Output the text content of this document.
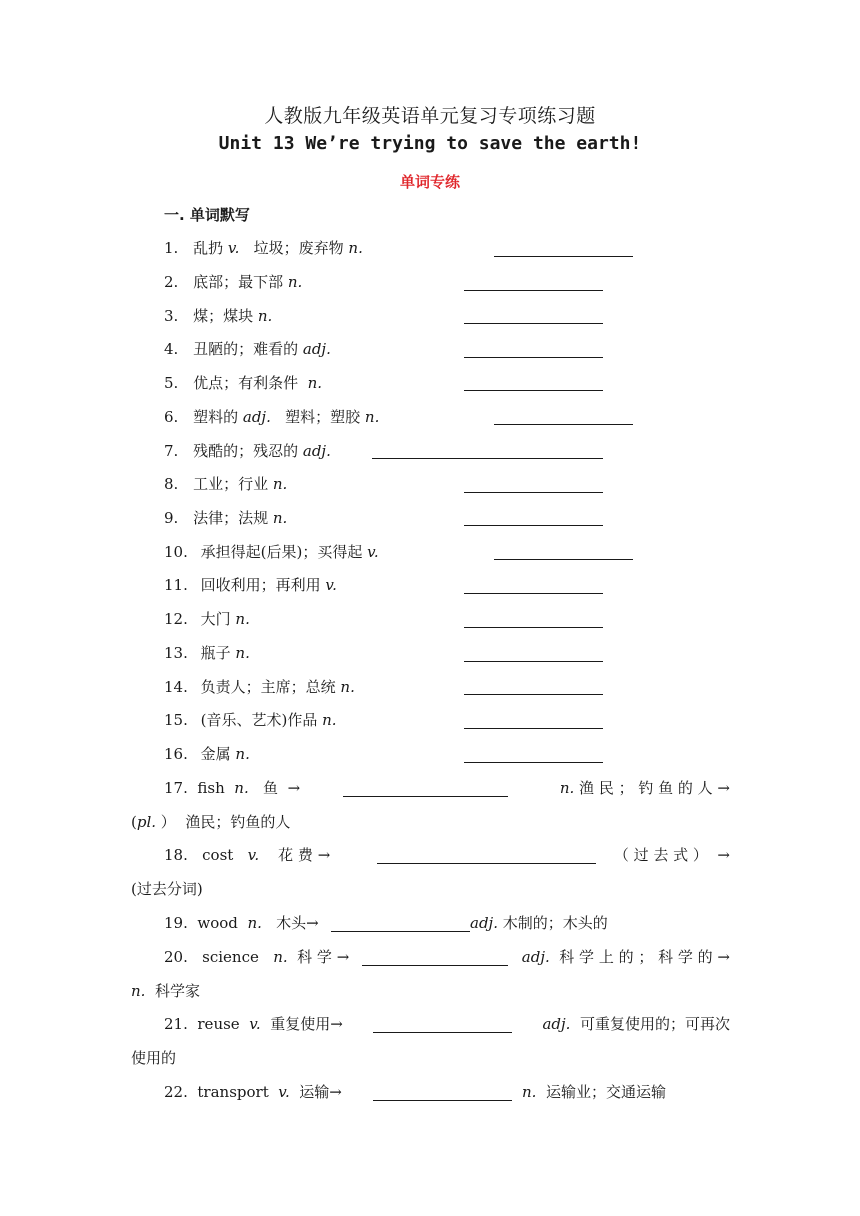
人教版九年级英语单元复习专项练习题
Unit 13 We’re trying to save the earth!
单词专练
一. 单词默写
1. 乱扔 v.   垃圾；废弃物 n.
2. 底部；最下部 n.
3. 煤；煤块 n.
4. 丑陋的；难看的 adj.
5. 优点；有利条件  n.
6. 塑料的 adj.   塑料；塑胶 n.
7. 残酷的；残忍的 adj.
8. 工业；行业 n.
9. 法律；法规 n.
10. 承担得起(后果)；买得起 v.
11. 回收利用；再利用 v.
12. 大门 n.
13. 瓶子 n.
14. 负责人；主席；总统 n.
15. (音乐、艺术)作品 n.
16. 金属 n.
17.  fish  n.   鱼  →	n. 渔 民 ； 钓 鱼 的 人 →
(pl. ）  渔民；钓鱼的人
18.   cost   v.    花 费 →	（ 过 去 式 ）  →
(过去分词)
19.  wood  n.   木头→	adj. 木制的；木头的
20.   science   n.  科 学 →	adj.  科 学 上 的 ； 科 学 的 →
n.  科学家
21.  reuse  v.  重复使用→	adj.  可重复使用的；可再次
使用的
22.  transport  v.  运输→	n.  运输业；交通运输
